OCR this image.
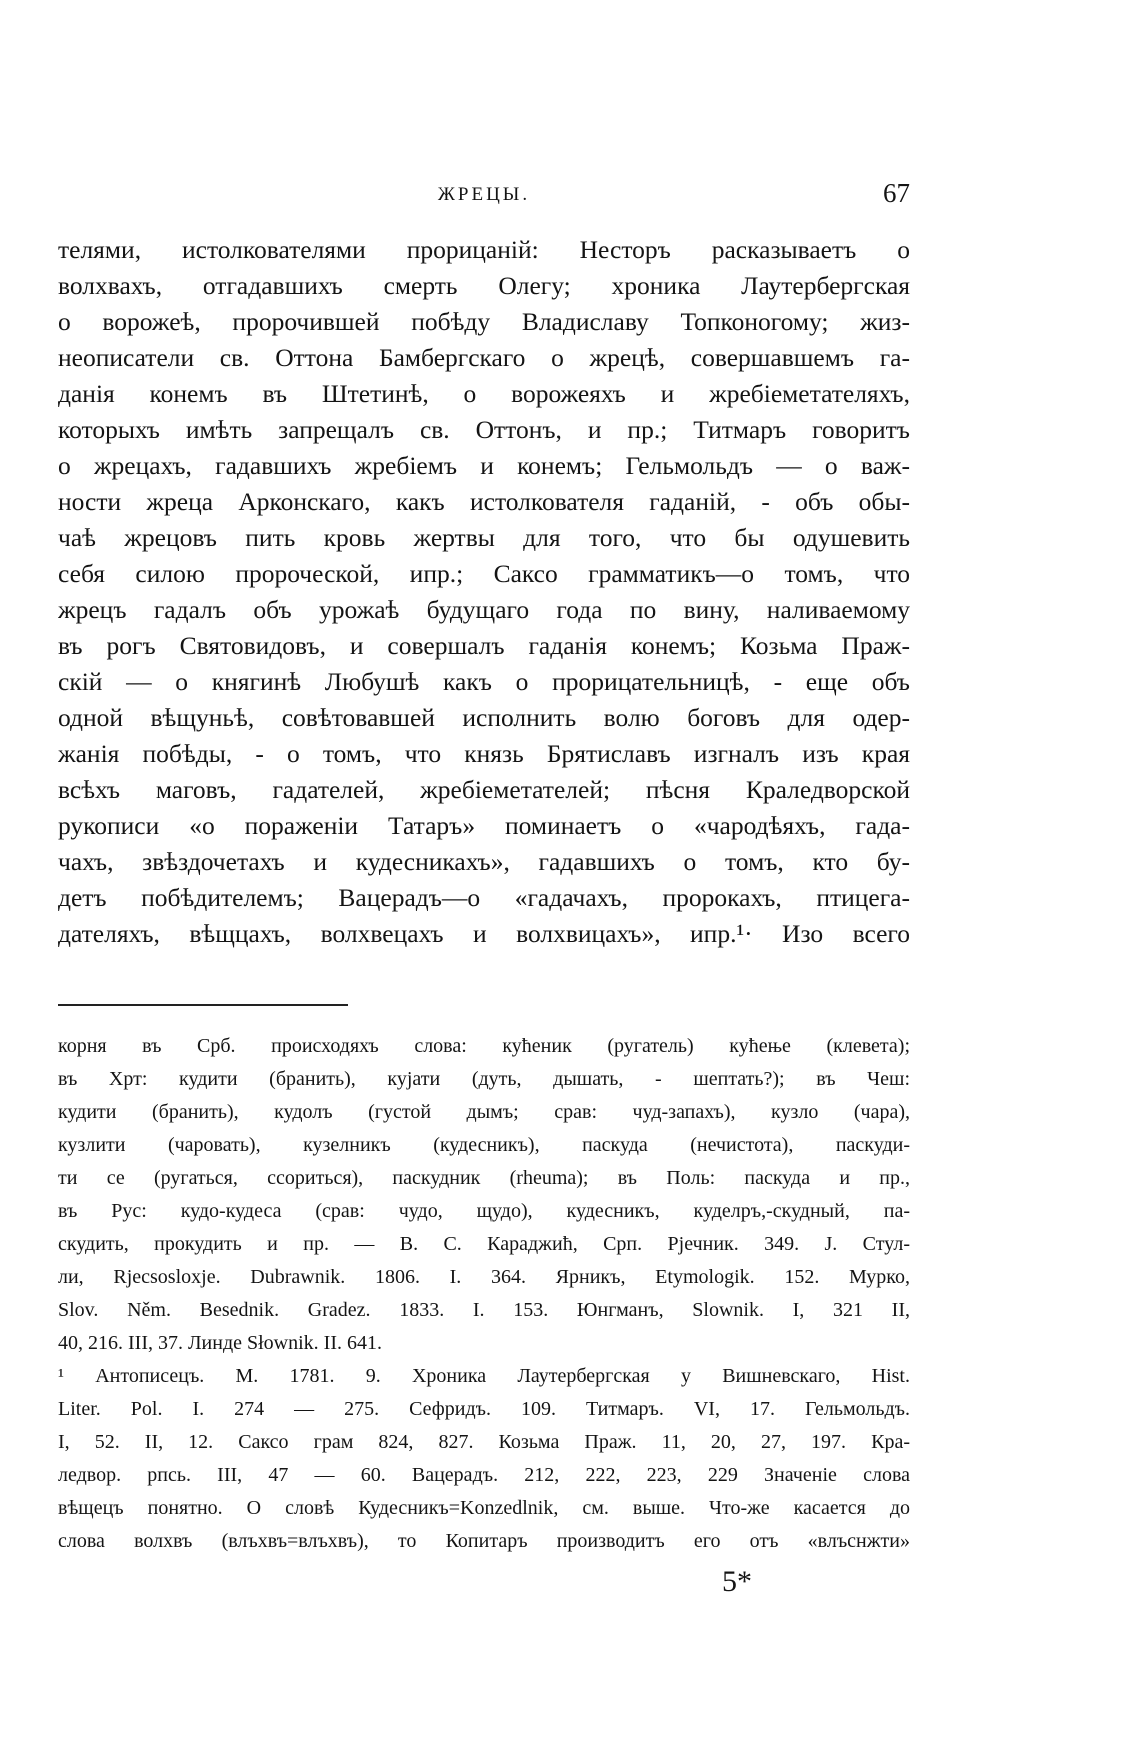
ЖРЕЦЫ.	67
телями, истолкователями прорицаній: Несторъ расказываетъ о
волхвахъ, отгадавшихъ смерть Олегу; хроника Лаутербергская
о ворожеѣ, пророчившей побѣду Владиславу Топконогому; жиз-
неописатели св. Оттона Бамбергскаго о жрецѣ, совершавшемъ га-
данія конемъ въ Штетинѣ, о ворожеяхъ и жребіеметателяхъ,
которыхъ имѣть запрещалъ св. Оттонъ, и пр.; Титмаръ говоритъ
о жрецахъ, гадавшихъ жребіемъ и конемъ; Гельмольдъ — о важ-
ности жреца Арконскаго, какъ истолкователя гаданій, - объ обы-
чаѣ жрецовъ пить кровь жертвы для того, что бы одушевить
себя силою пророческой, ипр.; Саксо грамматикъ—о томъ, что
жрецъ гадалъ объ урожаѣ будущаго года по вину, наливаемому
въ рогъ Святовидовъ, и совершалъ гаданія конемъ; Козьма Праж-
скій — о княгинѣ Любушѣ какъ о прорицательницѣ, - еще объ
одной вѣщуньѣ, совѣтовавшей исполнить волю боговъ для одер-
жанія побѣды, - о томъ, что князь Брятиславъ изгналъ изъ края
всѣхъ маговъ, гадателей, жребіеметателей; пѣсня Краледворской
рукописи «о пораженіи Татаръ» поминаетъ о «чародѣяхъ, гада-
чахъ, звѣздочетахъ и кудесникахъ», гадавшихъ о томъ, кто бу-
детъ побѣдителемъ; Вацерадъ—о «гадачахъ, пророкахъ, птицега-
дателяхъ, вѣщцахъ, волхвецахъ и волхвицахъ», ипр.¹· Изо всего
корня въ Срб. происходяхъ слова: кућеник (ругатель) кућење (клевета);
въ Хрт: кудити (бранить), кујати (дуть, дышать, - шептать?); въ Чеш:
кудити (бранить), кудолъ (густой дымъ; срав: чуд-запахъ), кузло (чара),
кузлити (чаровать), кузелникъ (кудесникъ), паскуда (нечистота), паскуди-
ти се (ругаться, ссориться), паскудник (rheuma); въ Поль: паскуда и пр.,
въ Рус: кудо-кудеса (срав: чудо, щудо), кудесникъ, куделръ,-скудный, па-
скудить, прокудить и пр. — В. С. Караджић, Срп. Рјечник. 349. J. Стул-
ли, Rjecsosloxje. Dubrawnik. 1806. I. 364. Ярникъ, Etymologik. 152. Мурко,
Slov. Něm. Besednik. Gradez. 1833. I. 153. Юнгманъ, Slownik. I, 321 II,
40, 216. III, 37. Линде Słownik. II. 641.
¹ Антописецъ. М. 1781. 9. Хроника Лаутербергская у Вишневскаго, Hist.
Liter. Pol. I. 274 — 275. Сефридъ. 109. Титмаръ. VI, 17. Гельмольдъ.
I, 52. II, 12. Саксо грам 824, 827. Козьма Праж. 11, 20, 27, 197. Кра-
ледвор. рпсь. III, 47 — 60. Вацерадъ. 212, 222, 223, 229 Значеніе слова
вѣщецъ понятно. О словѣ Кудесникъ=Konzedlnik, см. выше. Что-же касается до
слова волхвъ (влъхвъ=влъхвъ), то Копитаръ производитъ его отъ «влъснжти»
5*
